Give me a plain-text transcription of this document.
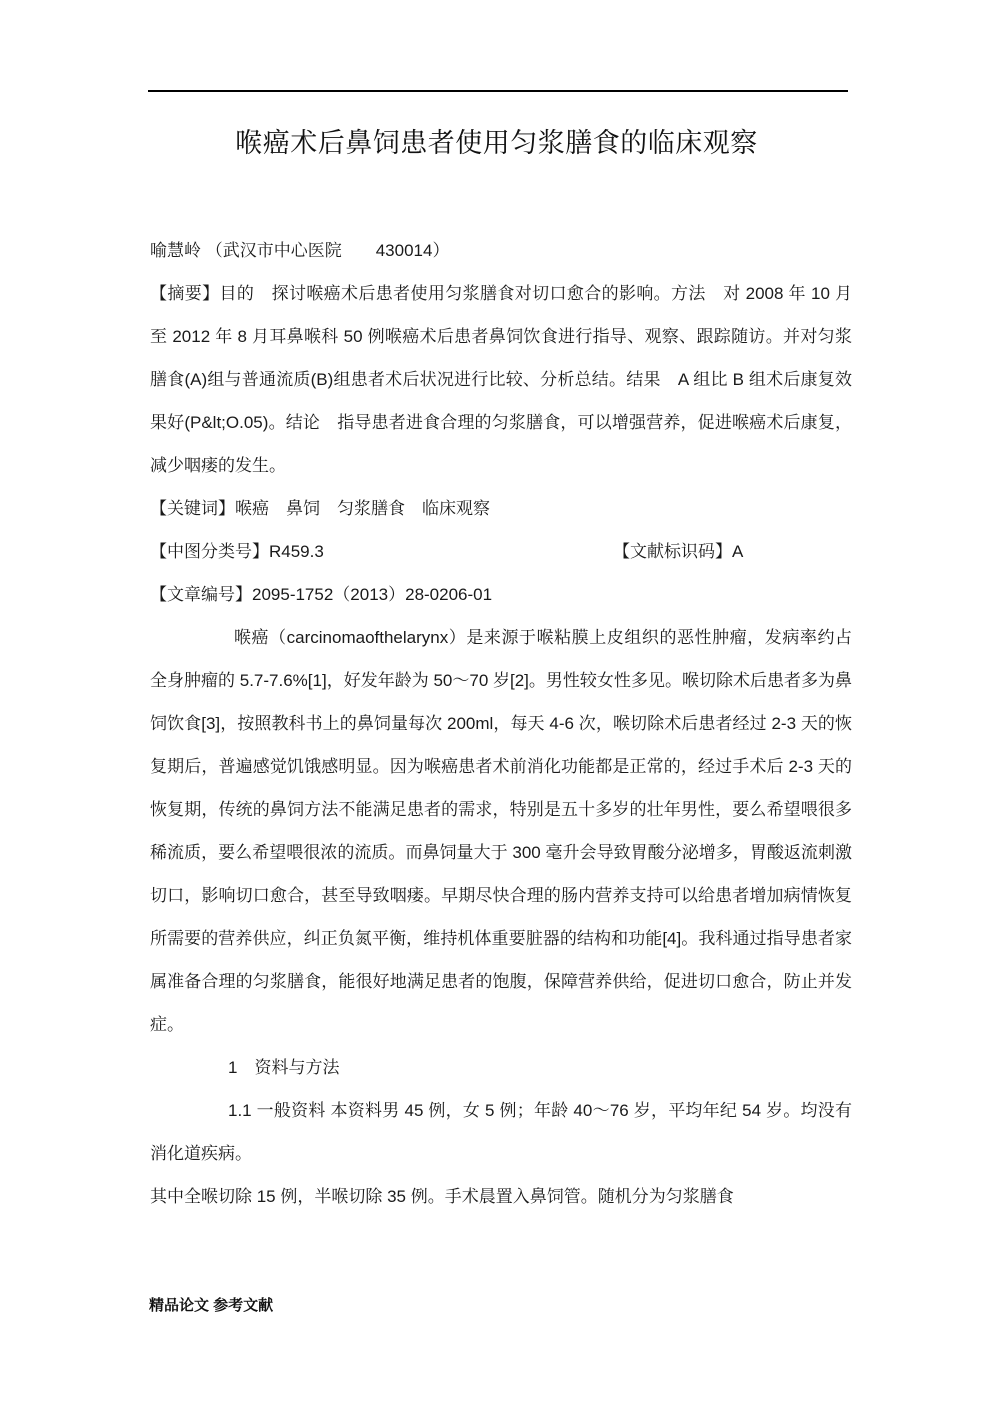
喉癌术后鼻饲患者使用匀浆膳食的临床观察

喻慧岭 （武汉市中心医院　　430014）

【摘要】目的　探讨喉癌术后患者使用匀浆膳食对切口愈合的影响。方法　对 2008 年 10 月至 2012 年 8 月耳鼻喉科 50 例喉癌术后患者鼻饲饮食进行指导、观察、跟踪随访。并对匀浆膳食(A)组与普通流质(B)组患者术后状况进行比较、分析总结。结果　A 组比 B 组术后康复效果好(P&lt;O.05)。结论　指导患者进食合理的匀浆膳食，可以增强营养，促进喉癌术后康复，减少咽瘘的发生。

【关键词】喉癌　鼻饲　匀浆膳食　临床观察

【中图分类号】R459.3	【文献标识码】A

【文章编号】2095-1752（2013）28-0206-01

喉癌（carcinomaofthelarynx）是来源于喉粘膜上皮组织的恶性肿瘤，发病率约占全身肿瘤的 5.7-7.6%[1]，好发年龄为 50～70 岁[2]。男性较女性多见。喉切除术后患者多为鼻饲饮食[3]，按照教科书上的鼻饲量每次 200ml，每天 4-6 次，喉切除术后患者经过 2-3 天的恢复期后，普遍感觉饥饿感明显。因为喉癌患者术前消化功能都是正常的，经过手术后 2-3 天的恢复期，传统的鼻饲方法不能满足患者的需求，特别是五十多岁的壮年男性，要么希望喂很多稀流质，要么希望喂很浓的流质。而鼻饲量大于 300 毫升会导致胃酸分泌增多，胃酸返流刺激切口，影响切口愈合，甚至导致咽瘘。早期尽快合理的肠内营养支持可以给患者增加病情恢复所需要的营养供应，纠正负氮平衡，维持机体重要脏器的结构和功能[4]。我科通过指导患者家属准备合理的匀浆膳食，能很好地满足患者的饱腹，保障营养供给，促进切口愈合，防止并发症。

1　资料与方法

1.1 一般资料 本资料男 45 例，女 5 例；年龄 40～76 岁，平均年纪 54 岁。均没有消化道疾病。

其中全喉切除 15 例，半喉切除 35 例。手术晨置入鼻饲管。随机分为匀浆膳食

精品论文 参考文献
